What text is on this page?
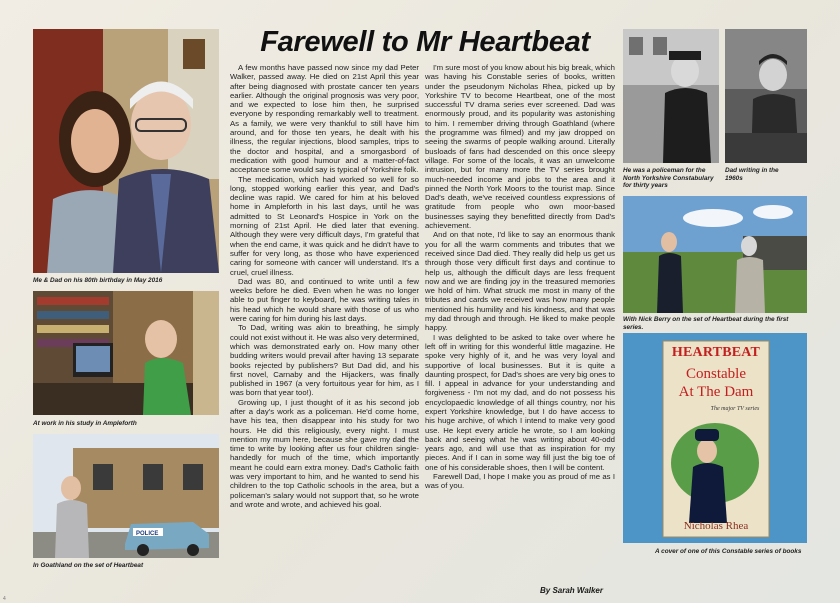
Me & Dad on his 80th birthday in May 2016
At work in his study in Ampleforth
POLICE
In Goathland on the set of Heartbeat
Farewell to Mr Heartbeat

A few months have passed now since my dad Peter Walker, passed away. He died on 21st April this year after being diagnosed with prostate cancer ten years earlier. Although the original prognosis was very poor, and we expected to lose him then, he surprised everyone by responding remarkably well to treatment. As a family, we were very thankful to still have him around, and for those ten years, he dealt with his illness, the regular injections, blood samples, trips to the doctor and hospital, and a smorgasbord of medication with good humour and a matter-of-fact acceptance some would say is typical of Yorkshire folk.

The medication, which had worked so well for so long, stopped working earlier this year, and Dad's decline was rapid. We cared for him at his beloved home in Ampleforth in his last days, until he was admitted to St Leonard's Hospice in York on the morning of 21st April. He died later that evening. Although they were very difficult days, I'm grateful that when the end came, it was quick and he didn't have to suffer for very long, as those who have experienced caring for someone with cancer will understand. It's a cruel, cruel illness.

Dad was 80, and continued to write until a few weeks before he died. Even when he was no longer able to put finger to keyboard, he was writing tales in his head which he would share with those of us who were caring for him during his last days.

To Dad, writing was akin to breathing, he simply could not exist without it. He was also very determined, which was demonstrated early on. How many other budding writers would prevail after having 13 separate books rejected by publishers? But Dad did, and his first novel, Carnaby and the Hijackers, was finally published in 1967 (a very fortuitous year for him, as I was born that year too!).

Growing up, I just thought of it as his second job after a day's work as a policeman. He'd come home, have his tea, then disappear into his study for two hours. He did this religiously, every night. I must mention my mum here, because she gave my dad the time to write by looking after us four children single-handedly for much of the time, which importantly meant he could earn extra money. Dad's Catholic faith was very important to him, and he wanted to send his children to the top Catholic schools in the area, but a policeman's salary would not support that, so he wrote and wrote and wrote, and achieved his goal.

I'm sure most of you know about his big break, which was having his Constable series of books, written under the pseudonym Nicholas Rhea, picked up by Yorkshire TV to become Heartbeat, one of the most successful TV drama series ever screened. Dad was enormously proud, and its popularity was astonishing to him. I remember driving through Goathland (where the programme was filmed) and my jaw dropped on seeing the swarms of people walking around. Literally busloads of fans had descended on this once sleepy village. For some of the locals, it was an unwelcome intrusion, but for many more the TV series brought much-needed income and jobs to the area and it pinned the North York Moors to the tourist map. Since Dad's death, we've received countless expressions of gratitude from people who own moor-based businesses saying they benefitted directly from Dad's achievement.

And on that note, I'd like to say an enormous thank you for all the warm comments and tributes that we received since Dad died. They really did help us get us through those very difficult first days and continue to help us, although the difficult days are less frequent now and we are finding joy in the treasured memories we hold of him. What struck me most in many of the tributes and cards we received was how many people mentioned his humility and his kindness, and that was my dad through and through. He liked to make people happy.

I was delighted to be asked to take over where he left off in writing for this wonderful little magazine. He spoke very highly of it, and he was very loyal and supportive of local businesses. But it is quite a daunting prospect, for Dad's shoes are very big ones to fill. I appeal in advance for your understanding and forgiveness - I'm not my dad, and do not possess his encyclopaedic knowledge of all things country, nor his expert Yorkshire knowledge, but I do have access to his huge archive, of which I intend to make very good use. He kept every article he wrote, so I am looking back and seeing what he was writing about 40-odd years ago, and will use that as inspiration for my pieces. And if I can in some way fill just the big toe of one of his considerable shoes, then I will be content.

Farewell Dad, I hope I make you as proud of me as I was of you.

By Sarah Walker
He was a policeman for the North Yorkshire Constabulary for thirty years
Dad writing in the 1960s
With Nick Berry on the set of Heartbeat during the first series.
HEARTBEAT
Constable
At The Dam
The major TV series
Nicholas Rhea
A cover of one of this Constable series of books
4
